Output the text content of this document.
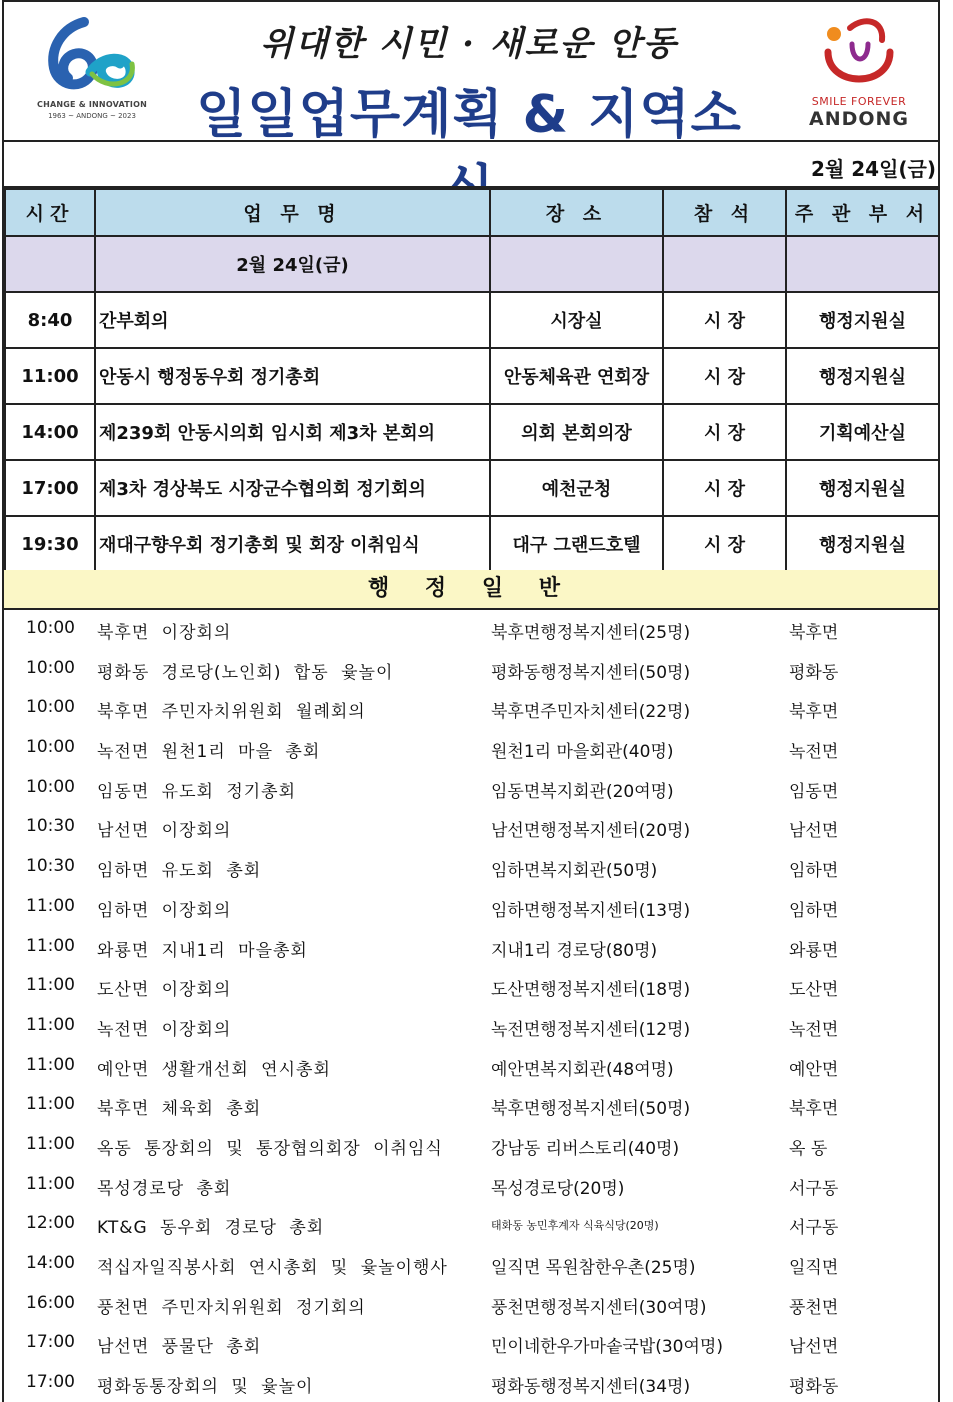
CHANGE & INNOVATION
1963 ~ ANDONG ~ 2023
위대한 시민 · 새로운 안동
일일업무계획 & 지역소	SMILE FOREVER
ANDONG
2월 24일(금)
시간	업 무 명	장 소	참 석	주 관 부 서
	2월 24일(금)			
8:40	간부회의	시장실	시 장	행정지원실
11:00	안동시 행정동우회 정기총회	안동체육관 연회장	시 장	행정지원실
14:00	제239회 안동시의회 임시회 제3차 본회의	의회 본회의장	시 장	기획예산실
17:00	제3차 경상북도 시장군수협의회 정기회의	예천군청	시 장	행정지원실
19:30	재대구향우회 정기총회 및 회장 이취임식	대구 그랜드호텔	시 장	행정지원실
행 정 일 반
10:00 북후면 이장회의	북후면행정복지센터(25명)	북후면
10:00 평화동 경로당(노인회) 합동 윷놀이	평화동행정복지센터(50명)	평화동
10:00 북후면 주민자치위원회 월례회의	북후면주민자치센터(22명)	북후면
10:00 녹전면 원천1리 마을 총회	원천1리 마을회관(40명)	녹전면
10:00 임동면 유도회 정기총회	임동면복지회관(20여명)	임동면
10:30 남선면 이장회의	남선면행정복지센터(20명)	남선면
10:30 임하면 유도회 총회	임하면복지회관(50명)	임하면
11:00 임하면 이장회의	임하면행정복지센터(13명)	임하면
11:00 와룡면 지내1리 마을총회	지내1리 경로당(80명)	와룡면
11:00 도산면 이장회의	도산면행정복지센터(18명)	도산면
11:00 녹전면 이장회의	녹전면행정복지센터(12명)	녹전면
11:00 예안면 생활개선회 연시총회	예안면복지회관(48여명)	예안면
11:00 북후면 체육회 총회	북후면행정복지센터(50명)	북후면
11:00 옥동 통장회의 및 통장협의회장 이취임식	강남동 리버스토리(40명)	옥 동
11:00 목성경로당 총회	목성경로당(20명)	서구동
12:00 KT&G 동우회 경로당 총회	태화동 농민후계자 식육식당(20명)	서구동
14:00 적십자일직봉사회 연시총회 및 윷놀이행사	일직면 목원참한우촌(25명)	일직면
16:00 풍천면 주민자치위원회 정기회의	풍천면행정복지센터(30여명)	풍천면
17:00 남선면 풍물단 총회	민이네한우가마솥국밥(30여명)	남선면
17:00 평화동통장회의 및 윷놀이	평화동행정복지센터(34명)	평화동
